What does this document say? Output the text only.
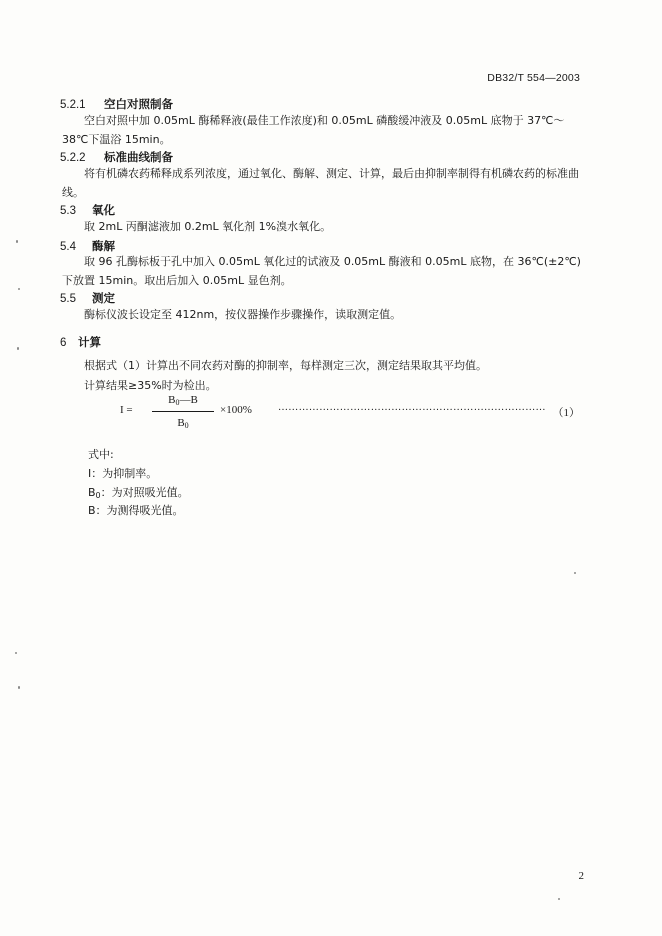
DB32/T 554—2003
5.2.1 空白对照制备
空白对照中加 0.05mL 酶稀释液(最佳工作浓度)和 0.05mL 磷酸缓冲液及 0.05mL 底物于 37℃～38℃下温浴 15min。
5.2.2 标准曲线制备
将有机磷农药稀释成系列浓度，通过氧化、酶解、测定、计算，最后由抑制率制得有机磷农药的标准曲线。
5.3 氧化
取 2mL 丙酮滤液加 0.2mL 氧化剂 1%溴水氧化。
5.4 酶解
取 96 孔酶标板于孔中加入 0.05mL 氧化过的试液及 0.05mL 酶液和 0.05mL 底物，在 36℃(±2℃)下放置 15min。取出后加入 0.05mL 显色剂。
5.5 测定
酶标仪波长设定至 412nm，按仪器操作步骤操作，读取测定值。
6 计算
根据式（1）计算出不同农药对酶的抑制率，每样测定三次，测定结果取其平均值。
计算结果≥35%时为检出。
I =
$B_0—B$
$B_0$
×100%	…………………………………………………………………… （1）
式中:
I：为抑制率。
$B_0$：为对照吸光值。
B：为测得吸光值。
2
